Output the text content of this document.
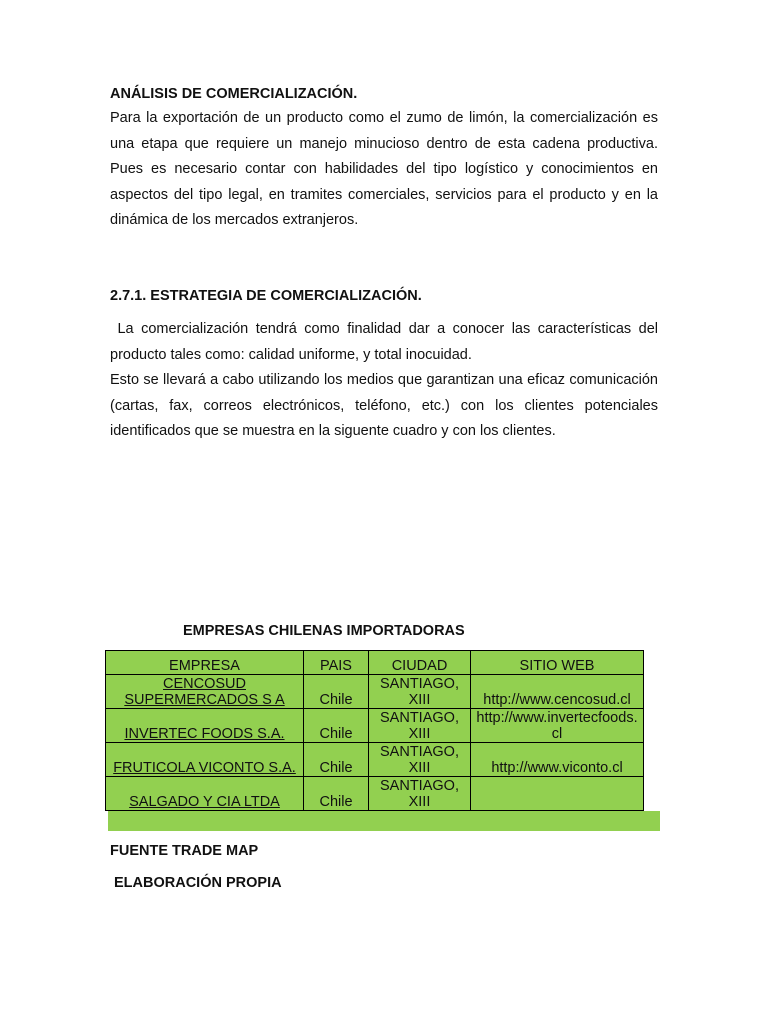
ANÁLISIS DE COMERCIALIZACIÓN.
Para la exportación de un producto como el zumo de limón, la comercialización es una etapa que requiere un manejo minucioso dentro de esta cadena productiva. Pues es necesario contar con habilidades del tipo logístico y conocimientos en aspectos del tipo legal, en tramites comerciales, servicios para el producto y en la dinámica de los mercados extranjeros.
2.7.1. ESTRATEGIA DE COMERCIALIZACIÓN.

La comercialización tendrá como finalidad dar a conocer las características del producto tales como: calidad uniforme, y total inocuidad.

Esto se llevará a cabo utilizando los medios que garantizan una eficaz comunicación (cartas, fax, correos electrónicos, teléfono, etc.) con los clientes potenciales identificados que se muestra en la siguente cuadro y con los clientes.

EMPRESAS CHILENAS IMPORTADORAS
EMPRESA	PAIS	CIUDAD	SITIO WEB
CENCOSUD SUPERMERCADOS S A	Chile	SANTIAGO, XIII	http://www.cencosud.cl
INVERTEC FOODS S.A.	Chile	SANTIAGO, XIII	http://www.invertecfoods.cl
FRUTICOLA VICONTO S.A.	Chile	SANTIAGO, XIII	http://www.viconto.cl
SALGADO Y CIA LTDA	Chile	SANTIAGO, XIII	
FUENTE TRADE MAP
ELABORACIÓN PROPIA
